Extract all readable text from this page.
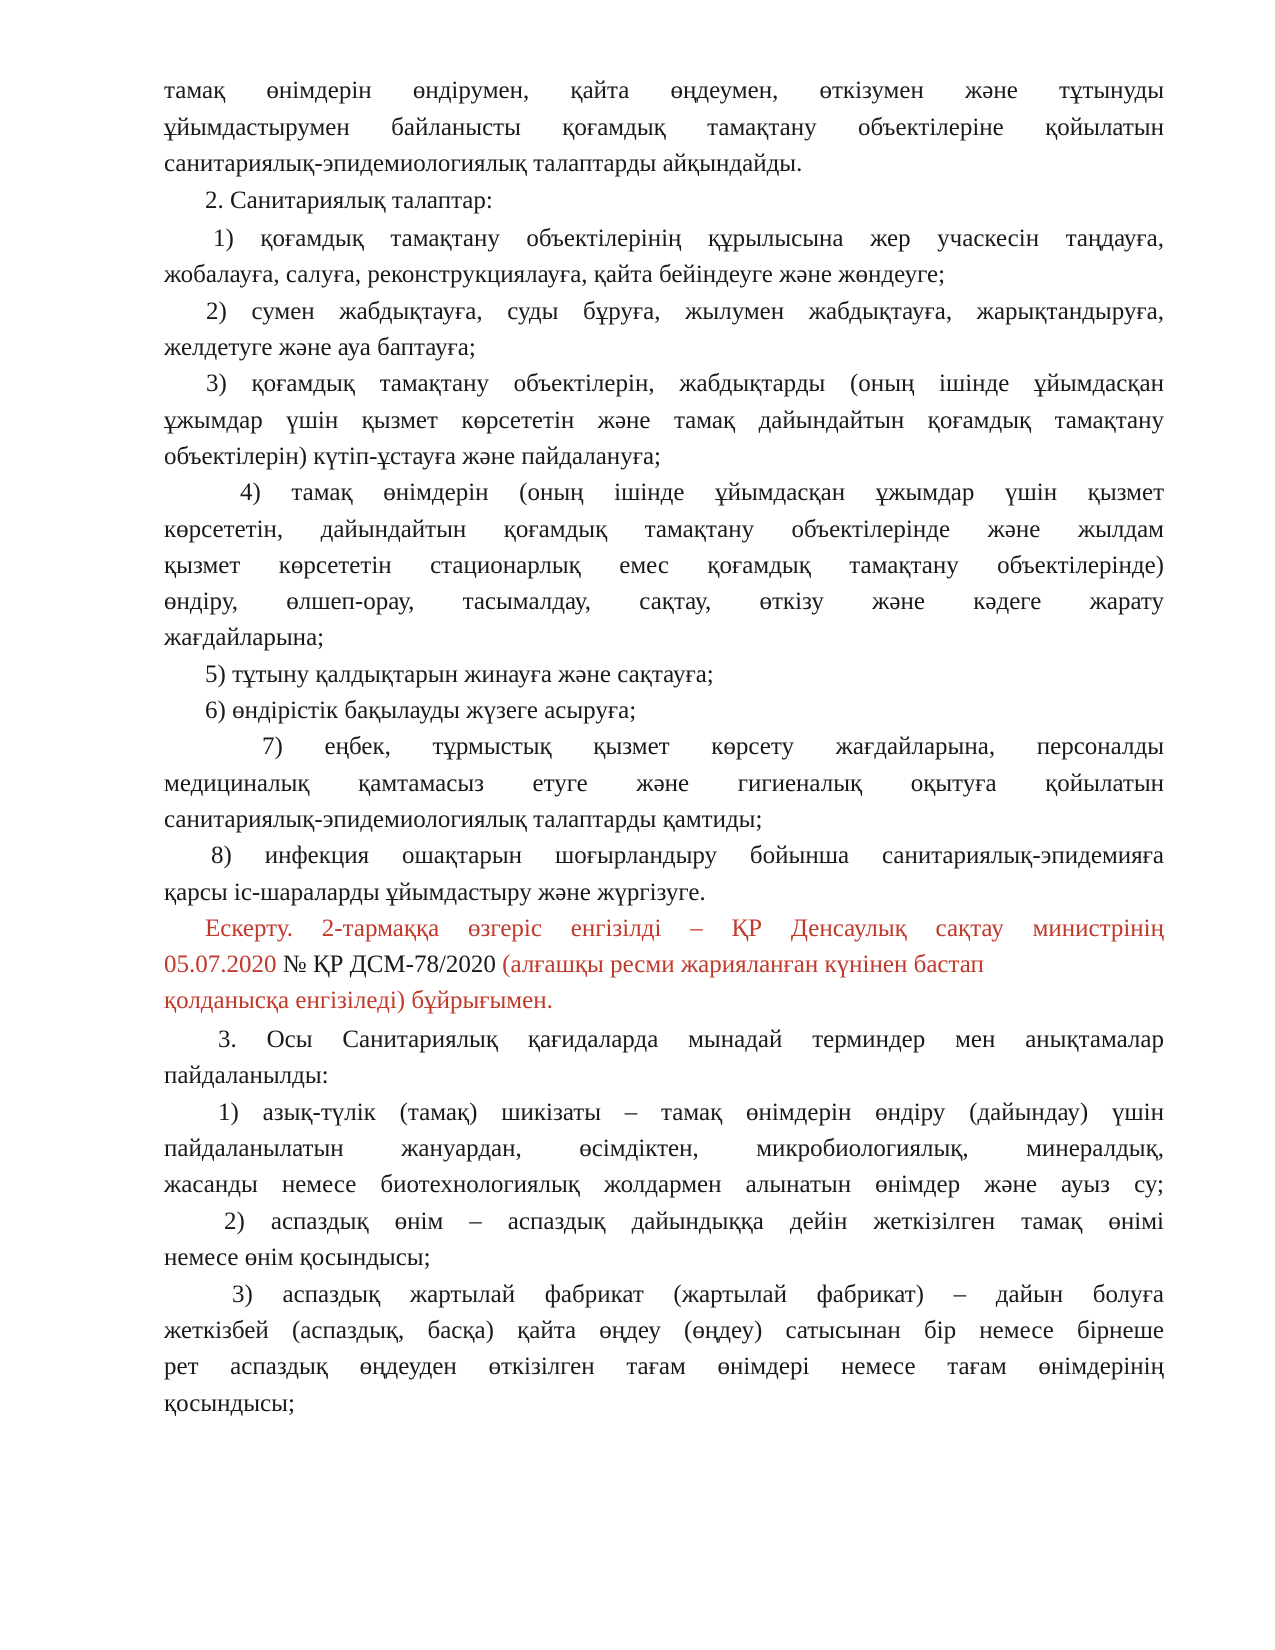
тамақ өнімдерін өндірумен, қайта өңдеумен, өткізумен және тұтынуды
ұйымдастырумен байланысты қоғамдық тамақтану объектілеріне қойылатын
санитариялық-эпидемиологиялық талаптарды айқындайды.
2. Санитариялық талаптар:
1) қоғамдық тамақтану объектілерінің құрылысына жер учаскесін таңдауға,
жобалауға, салуға, реконструкциялауға, қайта бейіндеуге және жөндеуге;
2) сумен жабдықтауға, суды бұруға, жылумен жабдықтауға, жарықтандыруға,
желдетуге және ауа баптауға;
3) қоғамдық тамақтану объектілерін, жабдықтарды (оның ішінде ұйымдасқан
ұжымдар үшін қызмет көрсететін және тамақ дайындайтын қоғамдық тамақтану
объектілерін) күтіп-ұстауға және пайдалануға;
4) тамақ өнімдерін (оның ішінде ұйымдасқан ұжымдар үшін қызмет
көрсететін, дайындайтын қоғамдық тамақтану объектілерінде және жылдам
қызмет көрсететін стационарлық емес қоғамдық тамақтану объектілерінде)
өндіру, өлшеп-орау, тасымалдау, сақтау, өткізу және кәдеге жарату
жағдайларына;
5) тұтыну қалдықтарын жинауға және сақтауға;
6) өндірістік бақылауды жүзеге асыруға;
7) еңбек, тұрмыстық қызмет көрсету жағдайларына, персоналды
медициналық қамтамасыз етуге және гигиеналық оқытуға қойылатын
санитариялық-эпидемиологиялық талаптарды қамтиды;
8) инфекция ошақтарын шоғырландыру бойынша санитариялық-эпидемияға
қарсы іс-шараларды ұйымдастыру және жүргізуге.
Ескерту. 2-тармаққа өзгеріс енгізілді – ҚР Денсаулық сақтау министрінің
05.07.2020 № ҚР ДСМ-78/2020 (алғашқы ресми жарияланған күнінен бастап
қолданысқа енгізіледі) бұйрығымен.
3. Осы Санитариялық қағидаларда мынадай терминдер мен анықтамалар
пайдаланылды:
1) азық-түлік (тамақ) шикізаты – тамақ өнімдерін өндіру (дайындау) үшін
пайдаланылатын жануардан, өсімдіктен, микробиологиялық, минералдық,
жасанды немесе биотехнологиялық жолдармен алынатын өнімдер және ауыз су;
2) аспаздық өнім – аспаздық дайындыққа дейін жеткізілген тамақ өнімі
немесе өнім қосындысы;
3) аспаздық жартылай фабрикат (жартылай фабрикат) – дайын болуға
жеткізбей (аспаздық, басқа) қайта өңдеу (өңдеу) сатысынан бір немесе бірнеше
рет аспаздық өңдеуден өткізілген тағам өнімдері немесе тағам өнімдерінің
қосындысы;
